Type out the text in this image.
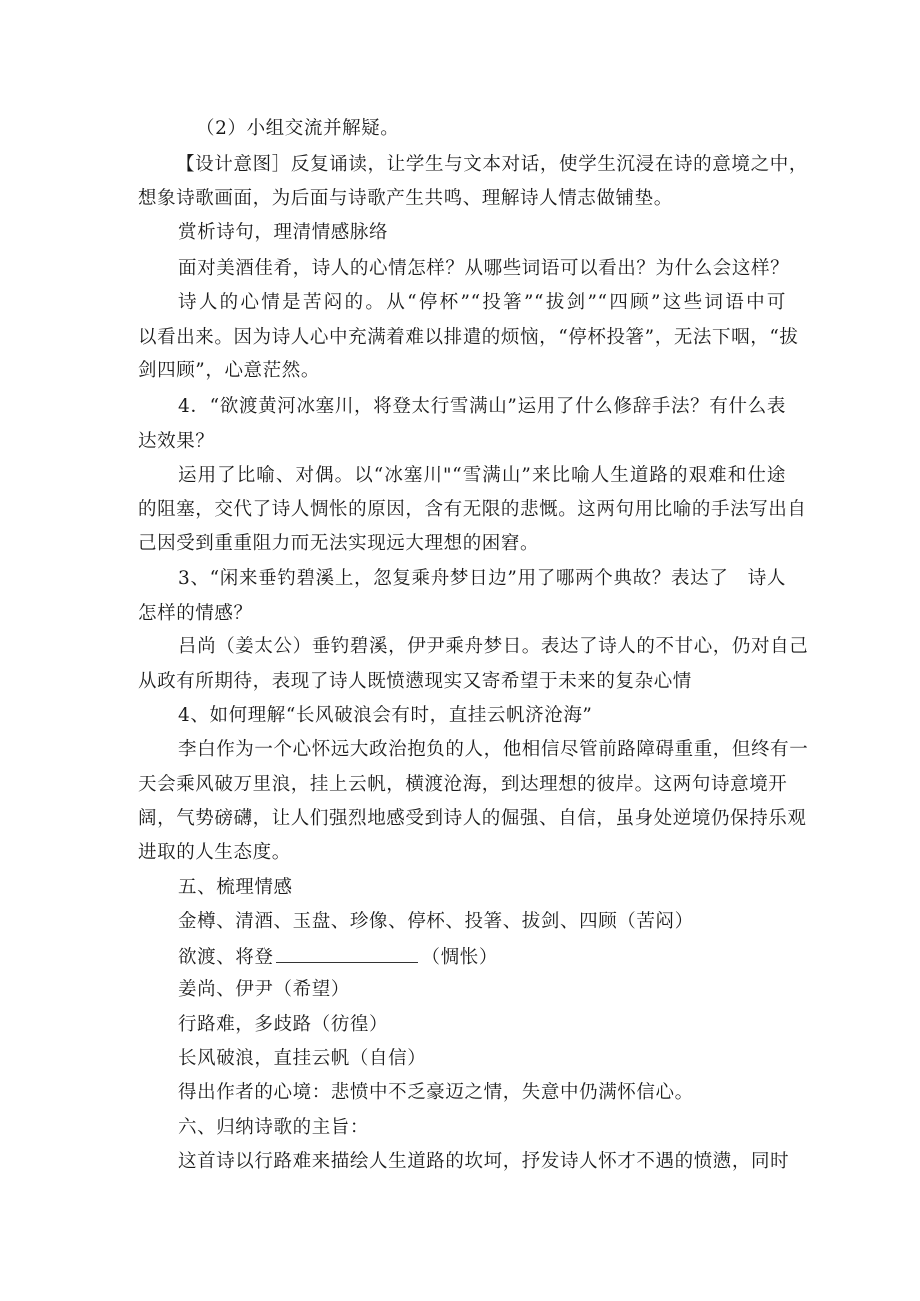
（2）小组交流并解疑。
【设计意图］反复诵读，让学生与文本对话，使学生沉浸在诗的意境之中，
想象诗歌画面，为后面与诗歌产生共鸣、理解诗人情志做铺垫。
赏析诗句，理清情感脉络
面对美酒佳肴，诗人的心情怎样？从哪些词语可以看出？为什么会这样？
诗人的心情是苦闷的。从“停杯”“投箸”“拔剑”“四顾”这些词语中可
以看出来。因为诗人心中充满着难以排遣的烦恼，“停杯投箸”，无法下咽，“拔
剑四顾”，心意茫然。
4．“欲渡黄河冰塞川，将登太行雪满山”运用了什么修辞手法？有什么表
达效果？
运用了比喻、对偶。以“冰塞川"“雪满山”来比喻人生道路的艰难和仕途
的阻塞，交代了诗人惆怅的原因，含有无限的悲慨。这两句用比喻的手法写出自
己因受到重重阻力而无法实现远大理想的困窘。
3、“闲来垂钓碧溪上，忽复乘舟梦日边”用了哪两个典故？表达了　诗人
怎样的情感？
吕尚（姜太公）垂钓碧溪，伊尹乘舟梦日。表达了诗人的不甘心，仍对自己
从政有所期待，表现了诗人既愤懑现实又寄希望于未来的复杂心情
4、如何理解“长风破浪会有时，直挂云帆济沧海”
李白作为一个心怀远大政治抱负的人，他相信尽管前路障碍重重，但终有一
天会乘风破万里浪，挂上云帆，横渡沧海，到达理想的彼岸。这两句诗意境开
阔，气势磅礴，让人们强烈地感受到诗人的倔强、自信，虽身处逆境仍保持乐观
进取的人生态度。
五、梳理情感
金樽、清酒、玉盘、珍像、停杯、投箸、拔剑、四顾（苦闷）
欲渡、将登	（惆怅）
姜尚、伊尹（希望）
行路难，多歧路（彷徨）
长风破浪，直挂云帆（自信）
得出作者的心境：悲愤中不乏豪迈之情，失意中仍满怀信心。
六、归纳诗歌的主旨：
这首诗以行路难来描绘人生道路的坎坷，抒发诗人怀才不遇的愤懑，同时
